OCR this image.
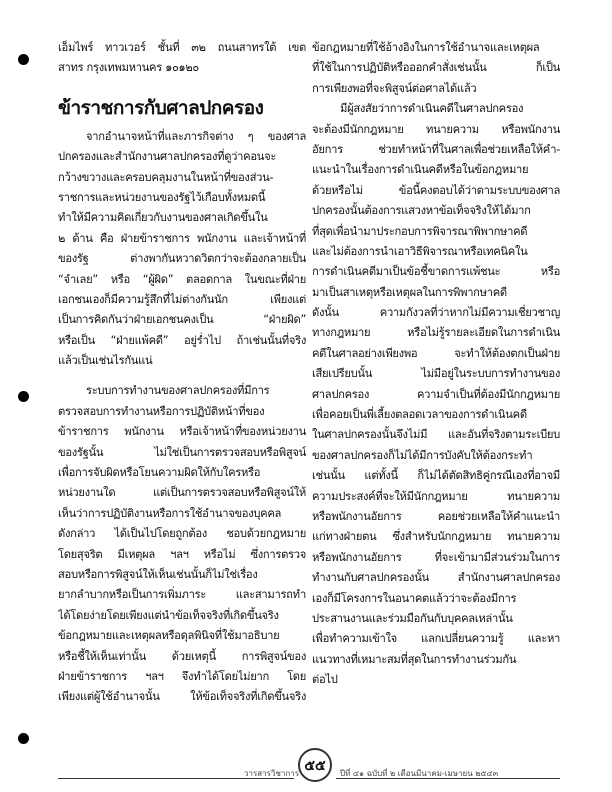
เอ็มไพร์ ทาวเวอร์ ชั้นที่ ๓๒ ถนนสาทรใต้ เขต
สาทร กรุงเทพมหานคร ๑๐๑๒๐
ข้าราชการกับศาลปกครอง
จากอำนาจหน้าที่และภารกิจต่าง ๆ ของศาล
ปกครองและสำนักงานศาลปกครองที่ดูว่าคอนจะ
กว้างขวางและครอบคลุมงานในหน้าที่ของส่วน-
ราชการและหน่วยงานของรัฐไว้เกือบทั้งหมดนี้
ทำให้มีความคิดเกี่ยวกับงานของศาลเกิดขึ้นใน
๒ ด้าน คือ ฝ่ายข้าราชการ พนักงาน และเจ้าหน้าที่
ของรัฐ ต่างพากันหวาดวิตกว่าจะต้องกลายเป็น
“จำเลย” หรือ “ผู้ผิด” ตลอดกาล ในขณะที่ฝ่าย
เอกชนเองก็มีความรู้สึกที่ไม่ต่างกันนัก เพียงแต่
เป็นการคิดกันว่าฝ่ายเอกชนคงเป็น “ฝ่ายผิด”
หรือเป็น “ฝ่ายแพ้คดี” อยู่ร่ำไป ถ้าเช่นนั้นที่จริง
แล้วเป็นเช่นไรกันแน่
ระบบการทำงานของศาลปกครองที่มีการ
ตรวจสอบการทำงานหรือการปฏิบัติหน้าที่ของ
ข้าราชการ พนักงาน หรือเจ้าหน้าที่ของหน่วยงาน
ของรัฐนั้น ไม่ใช่เป็นการตรวจสอบหรือพิสูจน์
เพื่อการจับผิดหรือโยนความผิดให้กับใครหรือ
หน่วยงานใด แต่เป็นการตรวจสอบหรือพิสูจน์ให้
เห็นว่าการปฏิบัติงานหรือการใช้อำนาจของบุคคล
ดังกล่าว ได้เป็นไปโดยถูกต้อง ชอบด้วยกฎหมาย
โดยสุจริต มีเหตุผล ฯลฯ หรือไม่ ซึ่งการตรวจ
สอบหรือการพิสูจน์ให้เห็นเช่นนั้นก็ไม่ใช่เรื่อง
ยากลำบากหรือเป็นการเพิ่มภาระ และสามารถทำ
ได้โดยง่ายโดยเพียงแต่นำข้อเท็จจริงที่เกิดขึ้นจริง
ข้อกฎหมายและเหตุผลหรือดุลพินิจที่ใช้มาอธิบาย
หรือชี้ให้เห็นเท่านั้น ด้วยเหตุนี้ การพิสูจน์ของ
ฝ่ายข้าราชการ ฯลฯ จึงทำได้โดยไม่ยาก โดย
เพียงแต่ผู้ใช้อำนาจนั้น ให้ข้อเท็จจริงที่เกิดขึ้นจริง
ข้อกฎหมายที่ใช้อ้างอิงในการใช้อำนาจและเหตุผล
ที่ใช้ในการปฏิบัติหรือออกคำสั่งเช่นนั้น ก็เป็น
การเพียงพอที่จะพิสูจน์ต่อศาลได้แล้ว
มีผู้สงสัยว่าการดำเนินคดีในศาลปกครอง
จะต้องมีนักกฎหมาย ทนายความ หรือพนักงาน
อัยการ ช่วยทำหน้าที่ในศาลเพื่อช่วยเหลือให้คำ-
แนะนำในเรื่องการดำเนินคดีหรือในข้อกฎหมาย
ด้วยหรือไม่ ข้อนี้คงตอบได้ว่าตามระบบของศาล
ปกครองนั้นต้องการแสวงหาข้อเท็จจริงให้ได้มาก
ที่สุดเพื่อนำมาประกอบการพิจารณาพิพากษาคดี
และไม่ต้องการนำเอาวิธีพิจารณาหรือเทคนิคใน
การดำเนินคดีมาเป็นข้อชี้ขาดการแพ้ชนะ หรือ
มาเป็นสาเหตุหรือเหตุผลในการพิพากษาคดี
ดังนั้น ความกังวลที่ว่าหากไม่มีความเชี่ยวชาญ
ทางกฎหมาย หรือไม่รู้รายละเอียดในการดำเนิน
คดีในศาลอย่างเพียงพอ จะทำให้ต้องตกเป็นฝ่าย
เสียเปรียบนั้น ไม่มีอยู่ในระบบการทำงานของ
ศาลปกครอง ความจำเป็นที่ต้องมีนักกฎหมาย
เพื่อคอยเป็นพี่เลี้ยงตลอดเวลาของการดำเนินคดี
ในศาลปกครองนั้นจึงไม่มี และอันที่จริงตามระเบียบ
ของศาลปกครองก็ไม่ได้มีการบังคับให้ต้องกระทำ
เช่นนั้น แต่ทั้งนี้ ก็ไม่ได้ตัดสิทธิคู่กรณีเองที่อาจมี
ความประสงค์ที่จะให้มีนักกฎหมาย ทนายความ
หรือพนักงานอัยการ คอยช่วยเหลือให้คำแนะนำ
แก่ทางฝ่ายตน ซึ่งสำหรับนักกฎหมาย ทนายความ
หรือพนักงานอัยการ ที่จะเข้ามามีส่วนร่วมในการ
ทำงานกับศาลปกครองนั้น สำนักงานศาลปกครอง
เองก็มีโครงการในอนาคตแล้วว่าจะต้องมีการ
ประสานงานและร่วมมือกันกับบุคคลเหล่านั้น
เพื่อทำความเข้าใจ แลกเปลี่ยนความรู้ และหา
แนวทางที่เหมาะสมที่สุดในการทำงานร่วมกัน
ต่อไป
วารสารวิชาการ	ปีที่ ๔๑ ฉบับที่ ๒ เดือนมีนาคม-เมษายน ๒๕๔๓
๕๕
